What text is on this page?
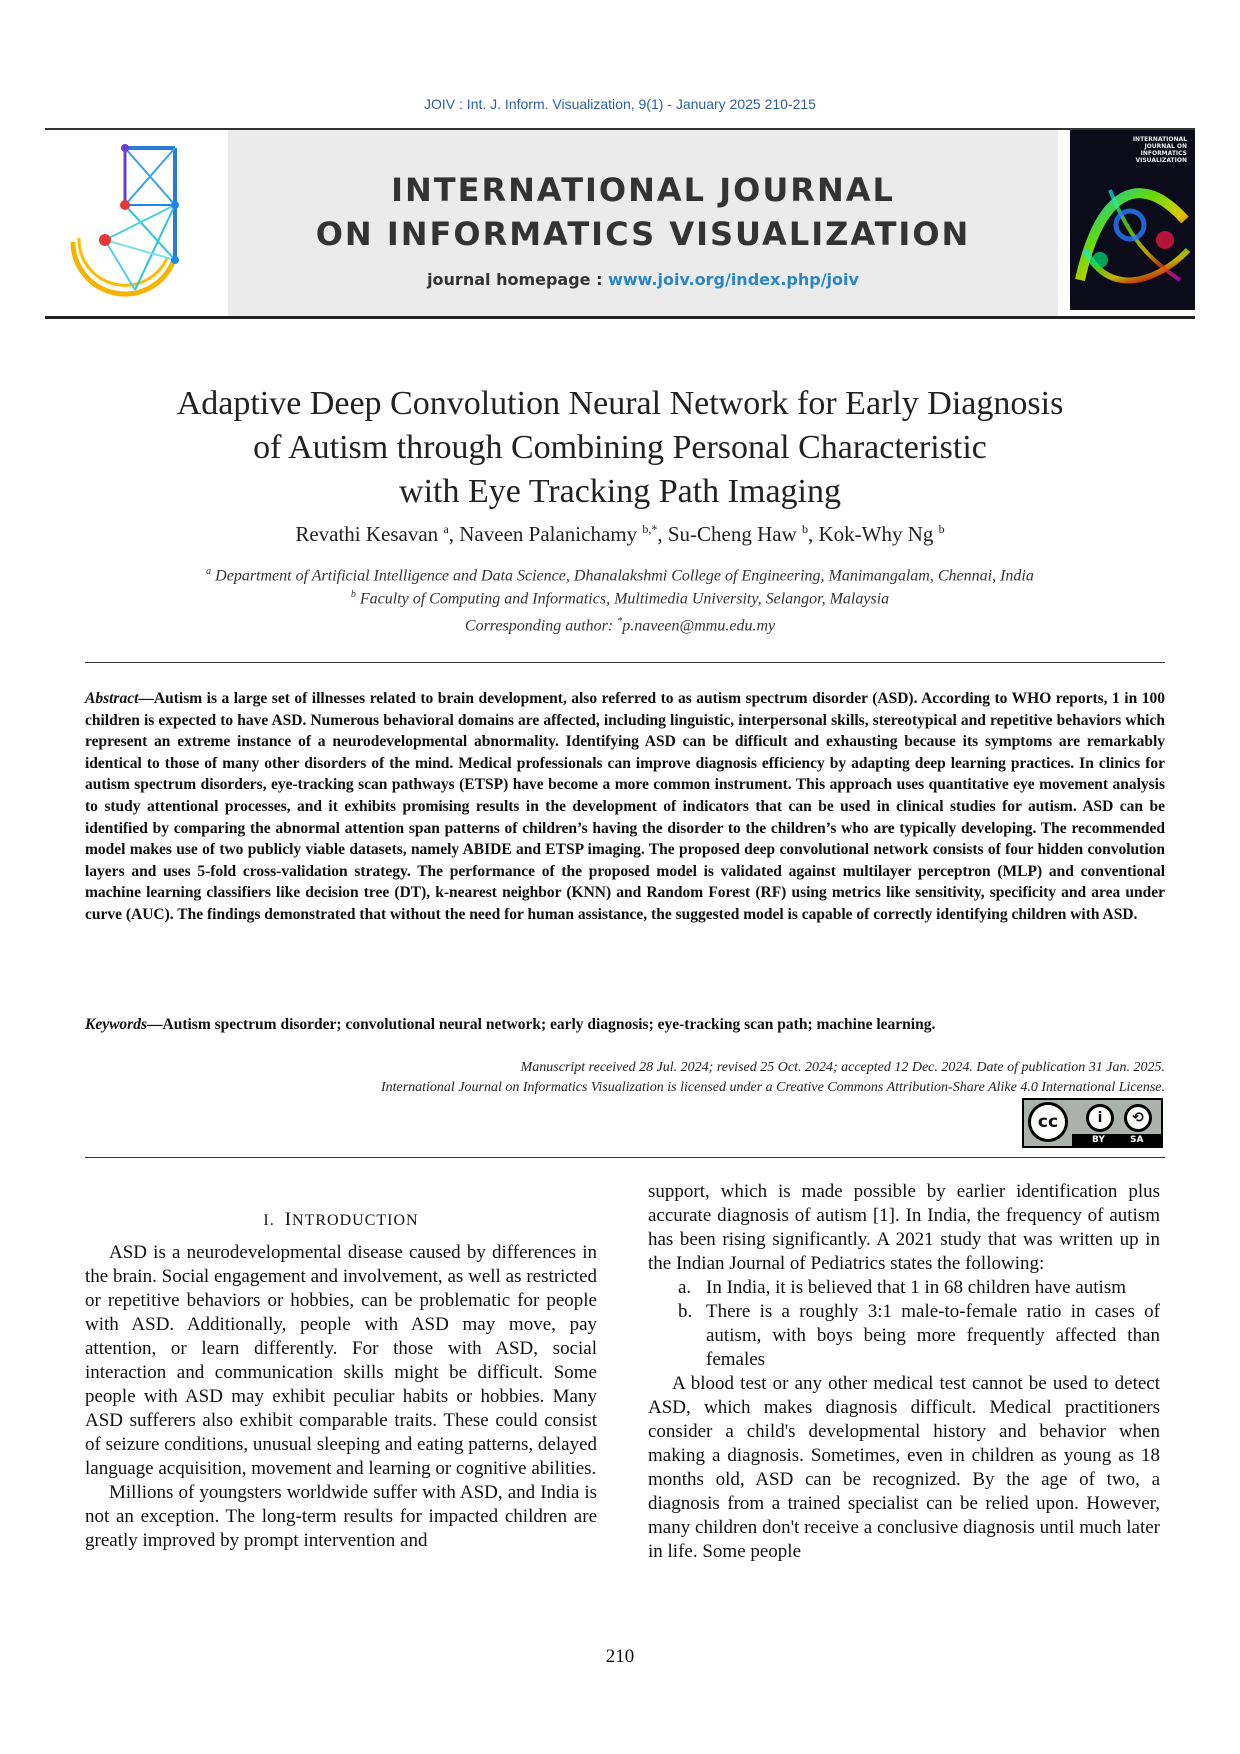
JOIV : Int. J. Inform. Visualization, 9(1) - January 2025 210-215
INTERNATIONAL JOURNAL
ON INFORMATICS VISUALIZATION
journal homepage : www.joiv.org/index.php/joiv
INTERNATIONAL
JOURNAL ON
INFORMATICS
VISUALIZATION
Adaptive Deep Convolution Neural Network for Early Diagnosis
of Autism through Combining Personal Characteristic
with Eye Tracking Path Imaging
Revathi Kesavan $^a$, Naveen Palanichamy $^{b,*}$, Su-Cheng Haw $^b$, Kok-Why Ng $^b$
$^a$ Department of Artificial Intelligence and Data Science, Dhanalakshmi College of Engineering, Manimangalam, Chennai, India
$^b$ Faculty of Computing and Informatics, Multimedia University, Selangor, Malaysia
Corresponding author: *p.naveen@mmu.edu.my
Abstract—Autism is a large set of illnesses related to brain development, also referred to as autism spectrum disorder (ASD). According to WHO reports, 1 in 100 children is expected to have ASD. Numerous behavioral domains are affected, including linguistic, interpersonal skills, stereotypical and repetitive behaviors which represent an extreme instance of a neurodevelopmental abnormality. Identifying ASD can be difficult and exhausting because its symptoms are remarkably identical to those of many other disorders of the mind. Medical professionals can improve diagnosis efficiency by adapting deep learning practices. In clinics for autism spectrum disorders, eye-tracking scan pathways (ETSP) have become a more common instrument. This approach uses quantitative eye movement analysis to study attentional processes, and it exhibits promising results in the development of indicators that can be used in clinical studies for autism. ASD can be identified by comparing the abnormal attention span patterns of children’s having the disorder to the children’s who are typically developing. The recommended model makes use of two publicly viable datasets, namely ABIDE and ETSP imaging. The proposed deep convolutional network consists of four hidden convolution layers and uses 5-fold cross-validation strategy. The performance of the proposed model is validated against multilayer perceptron (MLP) and conventional machine learning classifiers like decision tree (DT), k-nearest neighbor (KNN) and Random Forest (RF) using metrics like sensitivity, specificity and area under curve (AUC). The findings demonstrated that without the need for human assistance, the suggested model is capable of correctly identifying children with ASD.
Keywords—Autism spectrum disorder; convolutional neural network; early diagnosis; eye-tracking scan path; machine learning.
Manuscript received 28 Jul. 2024; revised 25 Oct. 2024; accepted 12 Dec. 2024. Date of publication 31 Jan. 2025.
International Journal on Informatics Visualization is licensed under a Creative Commons Attribution-Share Alike 4.0 International License.
cc	i	⟲
BY	SA
I. INTRODUCTION

ASD is a neurodevelopmental disease caused by differences in the brain. Social engagement and involvement, as well as restricted or repetitive behaviors or hobbies, can be problematic for people with ASD. Additionally, people with ASD may move, pay attention, or learn differently. For those with ASD, social interaction and communication skills might be difficult. Some people with ASD may exhibit peculiar habits or hobbies. Many ASD sufferers also exhibit comparable traits. These could consist of seizure conditions, unusual sleeping and eating patterns, delayed language acquisition, movement and learning or cognitive abilities.

Millions of youngsters worldwide suffer with ASD, and India is not an exception. The long-term results for impacted children are greatly improved by prompt intervention and

support, which is made possible by earlier identification plus accurate diagnosis of autism [1]. In India, the frequency of autism has been rising significantly. A 2021 study that was written up in the Indian Journal of Pediatrics states the following:

a. In India, it is believed that 1 in 68 children have autism

b. There is a roughly 3:1 male-to-female ratio in cases of autism, with boys being more frequently affected than females

A blood test or any other medical test cannot be used to detect ASD, which makes diagnosis difficult. Medical practitioners consider a child's developmental history and behavior when making a diagnosis. Sometimes, even in children as young as 18 months old, ASD can be recognized. By the age of two, a diagnosis from a trained specialist can be relied upon. However, many children don't receive a conclusive diagnosis until much later in life. Some people

210
